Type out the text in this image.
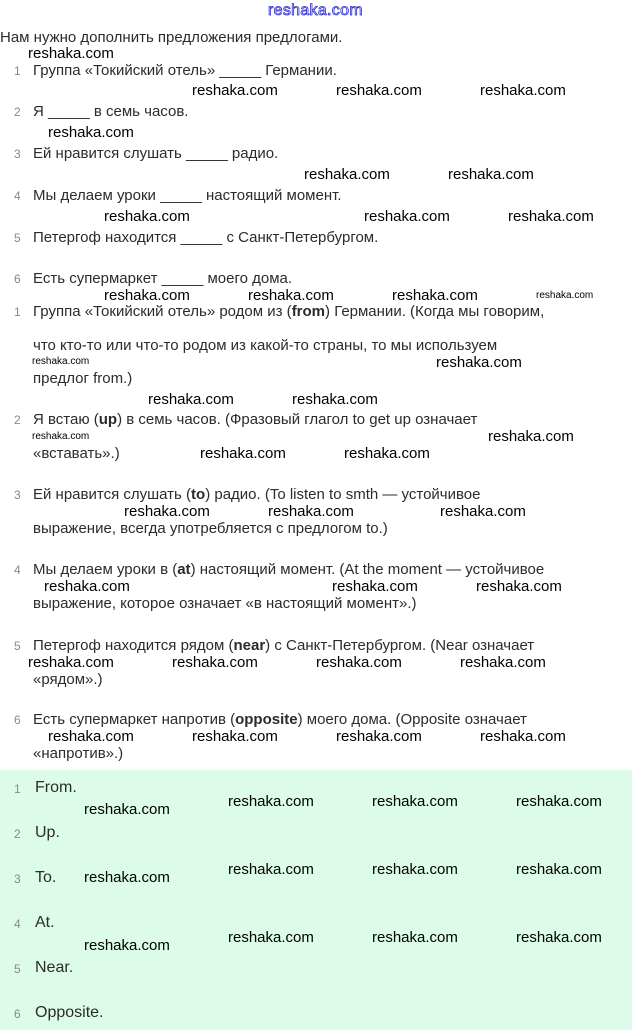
reshaka.com
Нам нужно дополнить предложения предлогами.
1 Группа «Токийский отель» _____ Германии.
2 Я _____ в семь часов.
3 Ей нравится слушать _____ радио.
4 Мы делаем уроки _____ настоящий момент.
5 Петергоф находится _____ с Санкт-Петербургом.
6 Есть супермаркет _____ моего дома.
1 Группа «Токийский отель» родом из (from) Германии. (Когда мы говорим,
что кто-то или что-то родом из какой-то страны, то мы используем
предлог from.)
2 Я встаю (up) в семь часов. (Фразовый глагол to get up означает
«вставать».)
3 Ей нравится слушать (to) радио. (To listen to smth — устойчивое
выражение, всегда употребляется с предлогом to.)
4 Мы делаем уроки в (at) настоящий момент. (At the moment — устойчивое
выражение, которое означает «в настоящий момент».)
5 Петергоф находится рядом (near) с Санкт-Петербургом. (Near означает
«рядом».)
6 Есть супермаркет напротив (opposite) моего дома. (Opposite означает
«напротив».)
1 From.
2 Up.
3 To.
4 At.
5 Near.
6 Opposite.
reshaka.com
reshaka.com	reshaka.com	reshaka.com
reshaka.com
reshaka.com	reshaka.com
reshaka.com	reshaka.com	reshaka.com
reshaka.com	reshaka.com	reshaka.com	reshaka.com
reshaka.com	reshaka.com
reshaka.com	reshaka.com
reshaka.com	reshaka.com
reshaka.com	reshaka.com
reshaka.com	reshaka.com	reshaka.com
reshaka.com	reshaka.com	reshaka.com
reshaka.com	reshaka.com	reshaka.com	reshaka.com
reshaka.com	reshaka.com	reshaka.com	reshaka.com
reshaka.com	reshaka.com	reshaka.com	reshaka.com
reshaka.com	reshaka.com	reshaka.com	reshaka.com
reshaka.com	reshaka.com	reshaka.com	reshaka.com
